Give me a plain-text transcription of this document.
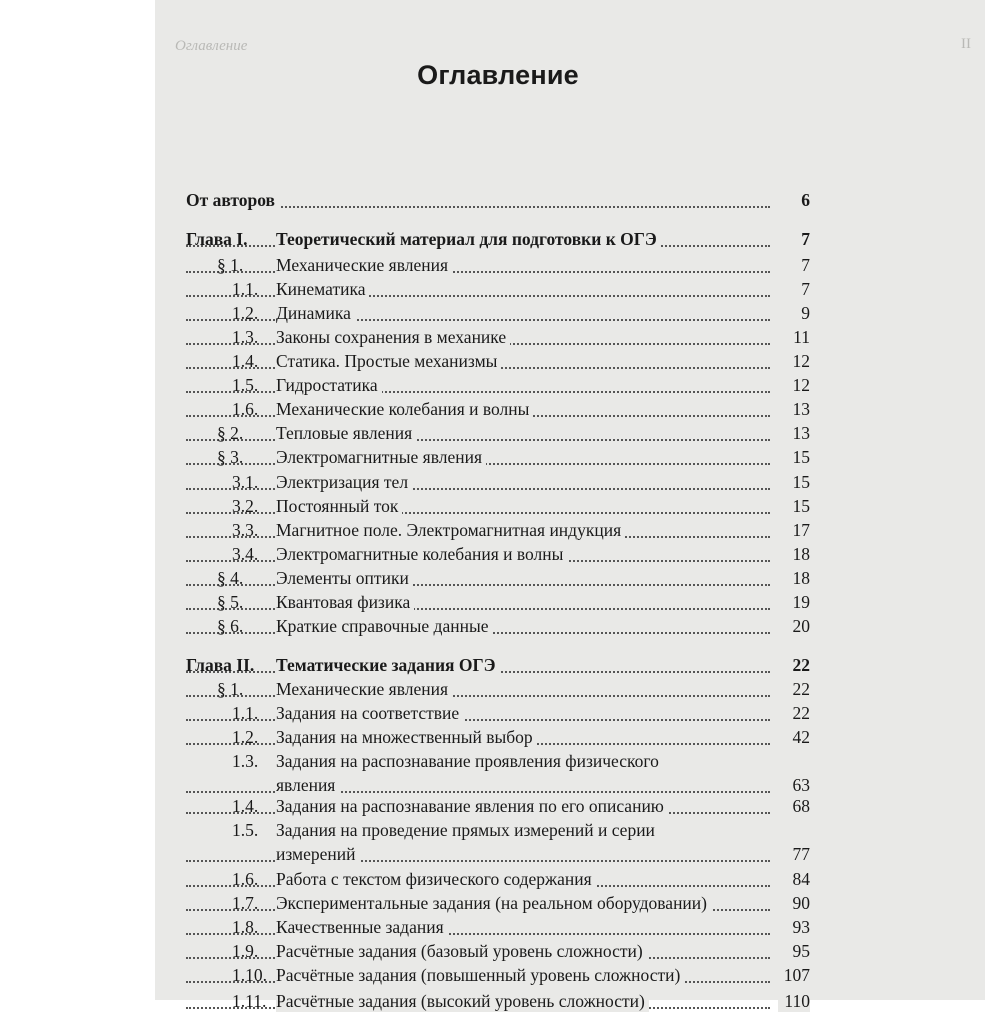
Оглавление	II
Оглавление
От авторов	6
Глава I. Теоретический материал для подготовки к ОГЭ	7
§ 1. Механические явления	7
1.1. Кинематика	7
1.2. Динамика	9
1.3. Законы сохранения в механике	11
1.4. Статика. Простые механизмы	12
1.5. Гидростатика	12
1.6. Механические колебания и волны	13
§ 2. Тепловые явления	13
§ 3. Электромагнитные явления	15
3.1. Электризация тел	15
3.2. Постоянный ток	15
3.3. Магнитное поле. Электромагнитная индукция	17
3.4. Электромагнитные колебания и волны	18
§ 4. Элементы оптики	18
§ 5. Квантовая физика	19
§ 6. Краткие справочные данные	20
Глава II. Тематические задания ОГЭ	22
§ 1. Механические явления	22
1.1. Задания на соответствие	22
1.2. Задания на множественный выбор	42
1.3. Задания на распознавание проявления физического
явления	63
1.4. Задания на распознавание явления по его описанию	68
1.5. Задания на проведение прямых измерений и серии
измерений	77
1.6. Работа с текстом физического содержания	84
1.7. Экспериментальные задания (на реальном оборудовании)	90
1.8. Качественные задания	93
1.9. Расчётные задания (базовый уровень сложности)	95
1.10. Расчётные задания (повышенный уровень сложности)	107
1.11. Расчётные задания (высокий уровень сложности)	110
